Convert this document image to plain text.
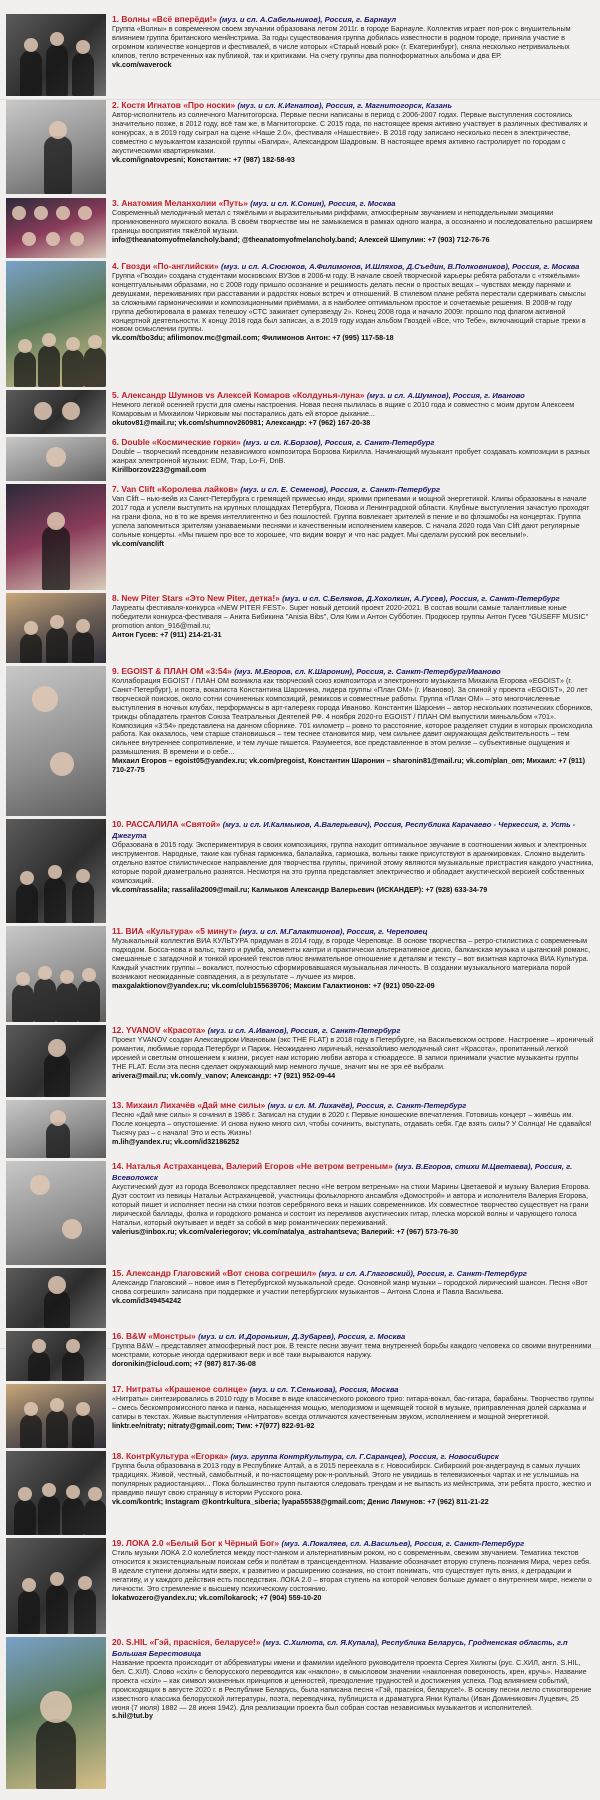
1. Волны «Всё вперёди!» (муз. и сл. А.Сабельников), Россия, г. Барнаул
Группа «Волны» в современном своем звучании образована летом 2011г. в городе Барнауле. Коллектив играет поп-рок с внушительным влиянием группа британского менйнстрима. За годы существования группа добилась известности в родном городе, приняла участие в огромном количестве концертов и фестивалей, в числе которых «Старый новый рок» (г. Екатеринбург), сняла несколько нетривиальных клипов, тепло встреченных как публикой, так и критиками. На счету группы два полноформатных альбома и два ЕР.
vk.com/waverock
2. Костя Игнатов «Про носки» (муз. и сл. К.Игнатов), Россия, г. Магнитогорск, Казань
Автор-исполнитель из солнечного Магнитогорска. Первые песни написаны в период с 2006-2007 годах. Первые выступления состоялись значительно позже, в 2012 году, всё там же, в Магнитогорске. С 2015 года, по настоящее время активно участвует в различных фестивалях и конкурсах, а в 2019 году сыграл на сцене «Наше 2.0», фестиваля «Нашествие». В 2018 году записано несколько песен в электричестве, совместно с музыкантом казанской группы «Багира», Александром Шадровым. В настоящее время активно гастролирует по городам с акустическими квартирниками.
vk.com/ignatovpesni; Константин: +7 (987) 182-58-93
3. Анатомия Меланхолии «Путь» (муз. и сл. К.Сонин), Россия, г. Москва
Современный мелодичный метал с тяжёлыми и выразительными риффами, атмосферным звучанием и неподдельными эмоциями проникновенного мужского вокала. В своём творчестве мы не замыкаемся в рамках одного жанра, а осознанно и последовательно расширяем границы восприятия тяжёлой музыки.
info@theanatomyofmelancholy.band; @theanatomyofmelancholy.band; Алексей Шипулин: +7 (903) 712-76-76
4. Гвозди «По-английски» (муз. и сл. А.Сюсюков, А.Филимонов, И.Шляхов, Д.Съедин, В.Полковников), Россия, г. Москва
Группа «Гвозди» создана студентами московских ВУЗов в 2006-м году. В начале своей творческой карьеры ребята работали с «тяжёлыми» концептуальными образами, но с 2008 году пришло осознание и решимость делать песни о простых вещах – чувствах между парнями и девушками, переживаниях при расставании и радостях новых встреч и отношений. В стилевом плане ребята перестали сдерживать смыслы за сложными гармоническими и композиционными приёмами, а в наиболее оптимальном простое и сочетаемые решения. В 2008-м году группа дебютировала в рамках телешоу «СТС зажигает суперзвезду 2». Конец 2008 года и начало 2009г. прошло под флагом активной концертной деятельности. К концу 2018 года был записан, а в 2019 году издан альбом Гвоздей «Все, что Тебе», включающий старые треки в новом осмыслении группы.
vk.com/tbo3du; afilimonov.mc@gmail.com; Филимонов Антон: +7 (995) 117-58-18
5. Александр Шумнов vs Алексей Комаров «Колдунья-луна» (муз. и сл. А.Шумнов), Россия, г. Иваново
Немного легкой осенней грусти для смены настроения. Новая песня пылилась в ящике с 2010 года и совместно с моим другом Алексеем Комаровым и Михаилом Чирковым мы постарались дать ей второе дыхание...
okutov81@mail.ru; vk.com/shumnov260981; Александр: +7 (962) 167-20-38
6. Double «Космические горки» (муз. и сл. К.Борзов), Россия, г. Санкт-Петербург
Double – творческий псевдоним независимого композитора Борзова Кирилла. Начинающий музыкант пробует создавать композиции в разных жанрах электронной музыки: EDM, Trap, Lo-Fi, DnB.
Kirillborzov223@gmail.com
7. Van Clift «Королева лайков» (муз. и сл. Е. Семенов), Россия, г. Санкт-Петербург
Van Clift – нью-вейв из Санкт-Петербурга с гремящей примесью инди, яркими припевами и мощной энергетикой. Клипы образованы в начале 2017 года и успели выступить на крупных площадках Петербурга, Пскова и Ленинградской области. Клубные выступления зачастую проходят на грани фола, но в то же время интеллигентно и без пошлостей. Группа вовлекает зрителей в пение и во флэшмобы на концертах. Группа успела запомниться зрителям узнаваемыми песнями и качественным исполнением каверов. С начала 2020 года Van Clift дают регулярные сольные концерты. «Мы пишем про все то хорошее, что видим вокруг и что нас радует. Мы сделали русский рок веселым!».
vk.com/vanclift
8. New Piter Stars «Это New Piter, детка!» (муз. и сл. С.Беляков, Д.Хохолкин, А.Гусев), Россия, г. Санкт-Петербург
Лауреаты фестиваля-конкурса «NEW PITER FEST». Super новый детский проект 2020-2021. В состав вошли самые талантливые юные победители конкурса-фестиваля – Анита Бибикина "Anisia Bibs", Оля Ким и Антон Субботин. Продюсер группы Антон Гусев "GUSEFF MUSIC" promotion anton_916@mail.ru;
Антон Гусев: +7 (911) 214-21-31
9. EGOIST & ПЛАН ОМ «3:54» (муз. М.Егоров, сл. К.Шаронин), Россия, г. Санкт-Петербург/Иваново
Коллаборация EGOIST / ПЛАН ОМ возникла как творческий союз композитора и электронного музыканта Михаила Егорова «EGOIST» (г. Санкт-Петербург), и поэта, вокалиста Константина Шаронина, лидера группы «План ОМ» (г. Иваново). За спиной у проекта «EGOIST», 20 лет творческой поисков, около сотни сочиненных композиций, ремиксов и совместные работы. Группа «План ОМ» – это многочисленные выступления в ночных клубах, перформансы в арт-галереях города Иваново. Константин Шаронин – автор нескольких поэтических сборников, трижды обладатель грантов Союза Театральных Деятелей РФ. 4 ноября 2020-го EGOIST / ПЛАН ОМ выпустили миньальбом «701». Композиция «3:54» представлена на данном сборнике. 701 километр – ровно то расстояние, которое разделяет студии в которых происходила работа. Как оказалось, чем старше становишься – тем теснее становится мир, чем сильнее давит окружающая действительность – тем сильнее внутреннее сопротивление, и тем лучше пишется. Разумеется, все представленное в этом релизе – субъективные ощущения и размышления. В времени и о себе...
Михаил Егоров – egoist05@yandex.ru; vk.com/pregoist, Константин Шаронин – sharonin81@mail.ru; vk.com/plan_om; Михаил: +7 (911) 710-27-75
10. РАССАЛИЛА «Святой» (муз. и сл. И.Калмыков, А.Валерьевич), Россия, Республика Карачаево - Черкессия, г. Усть - Джегута
Образована в 2015 году. Экспериментируя в своих композициях, группа находит оптимальное звучание в соотношении живых и электронных инструментов. Народные, такие как губная гармоника, балалайка, гармошка, вольны также присутствуют в аранжировках. Сложно выделить отдельно взятое стилистическое направление для творчества группы, причиной этому являются музыкальные пристрастия каждого участника, которые порой диаметрально разнятся. Несмотря на это группа представляет электричество и обладает акустической версией собственных композиций.
vk.com/rassalila; rassalila2009@mail.ru; Калмыков Александр Валерьевич (ИСКАНДЕР): +7 (928) 633-34-79
11. ВИА «Культура» «5 минут» (муз. и сл. М.Галактионов), Россия, г. Череповец
Музыкальный коллектив ВИА КУЛЬТУРА придуман в 2014 году, в городе Череповце. В основе творчества – ретро-стилистика с современным подходом. Босса-нова и вальс, танго и румба, элементы кантри и практически альтернативное диско, балканская музыка и цыганский романс, смешанные с загадочной и тонкой иронией текстов плюс внимательное отношение к деталям и тексту – вот визитная карточка ВИА Культура. Каждый участник группы – вокалист, полностью сформировавшаяся музыкальная личность. В создании музыкального материала порой возникают неожиданные совпадения, а в результате – лучшее из миров.
maxgalaktionov@yandex.ru; vk.com/club155639706; Максим Галактионов: +7 (921) 050-22-09
12. YVANOV «Красота» (муз. и сл. А.Иванов), Россия, г. Санкт-Петербург
Проект YVANOV создан Александром Ивановым (экс THE FLAT) в 2018 году в Петербурге, на Васильевском острове. Настроение – ироничный романтик, любимые города Петербург и Париж. Неожиданно лиричный, неназойливо мелодичный синт «Красота», пропитанный легкой иронией и светлым отношением к жизни, рисует нам историю любви автора к стюардессе. В записи принимали участие музыканты группы THE FLAT. Если эта песня сделает окружающий мир немного лучше, значит мы не зря её выбрали.
arivera@mail.ru; vk.com/y_vanov; Александр: +7 (921) 952-09-44
13. Михаил Лихачёв «Дай мне силы» (муз. и сл. М. Лихачёв), Россия, г. Санкт-Петербург
Песню «Дай мне силы» я сочинил в 1986 г. Записал на студии в 2020 г. Первые юношеские впечатления. Готовишь концерт – живёшь им. После концерта – опустошение. И снова нужно много сил, чтобы сочинить, выступать, отдавать себя. Где взять силы? У Солнца! Не сдавайся! Тысячу раз – с начала! Это и есть Жизнь!
m.lih@yandex.ru; vk.com/id32186252
14. Наталья Астраханцева, Валерий Егоров «Не ветром ветреным» (муз. В.Егоров, стихи М.Цветаева), Россия, г. Всеволожск
Акустический дуэт из города Всеволожск представляет песню «Не ветром ветреным» на стихи Марины Цветаевой и музыку Валерия Егорова. Дуэт состоит из певицы Натальи Астраханцевой, участницы фольклорного ансамбля «Домострой» и автора и исполнителя Валерия Егорова, который пишет и исполняет песни на стихи поэтов серебряного века и наших современников. Их совместное творчество существует на грани лирической баллады, фолка и городского романса и состоит из переливов акустических гитар, плеска морской волны и чарующего голоса Натальи, который окутывает и ведёт за собой в мир романтических переживаний.
valerius@inbox.ru; vk.com/valeriegorov; vk.com/natalya_astrahantseva; Валерий: +7 (967) 573-76-30
15. Александр Глаговский «Вот снова согрешил» (муз. и сл. А.Глаговский), Россия, г. Санкт-Петербург
Александр Глаговский – новое имя в Петербургской музыкальной среде. Основной жанр музыки – городской лирический шансон. Песня «Вот снова согрешил» записана при поддержке и участии петербургских музыкантов – Антона Слона и Павла Васильева.
vk.com/id349454242
16. B&W «Монстры» (муз. и сл. И.Доронькин, Д.Зубарев), Россия, г. Москва
Группа B&W – представляет атмосферный пост рок. В тексте песни звучит тема внутренней борьбы каждого человека со своими внутренними монстрами, которые иногда одерживают верх и всё таки вырываются наружу.
doronikin@icloud.com; +7 (987) 817-36-08
17. Нитраты «Крашеное солнце» (муз. и сл. Т.Сенькова), Россия, Москва
«Нитраты» синтезировались в 2010 году в Москве в виде классического рокового трио: гитара-вокал, бас-гитара, барабаны. Творчество группы – смесь бескомпромиссного панка и панка, насыщенная мощью, мелодизмом и щемящей тоской в музыке, приправленная долей сарказма и сатиры в текстах. Живые выступления «Нитратов» всегда отличаются качественным звуком, исполнением и мощной энергетикой.
linktr.ee/nitraty; nitraty@gmail.com; Тим: +7(977) 822-91-92
18. КонтрКультура «Егорка» (муз. группа КонтрКультура, сл. Г.Саранцев), Россия, г. Новосибирск
Группа была образована в 2013 году в Республике Алтай, а в 2015 переехала в г. Новосибирск. Сибирский рок-андеграунд в самых лучших традициях. Живой, честный, самобытный, и по-настоящему рок-н-ролльный. Этого не увидишь в телевизионных чартах и не услышишь на популярных радиостанциях... Пока большинство групп пытаются следовать трендам и не выпасть из мейнстрима, эти ребята просто, жестко и правдиво пишут свою страницу в истории Русского рока.
vk.com/kontrk; Instagram @kontrkultura_siberia; lyapa55538@gmail.com; Денис Лямунов: +7 (962) 811-21-22
19. ЛОКА 2.0 «Белый Бог к Чёрный Бог» (муз. А.Покаляев, сл. А.Васильев), Россия, г. Санкт-Петербург
Стиль музыки ЛОКА 2.0 колеблется между пост-панком и альтернативным роком, но с современным, свежим звучанием. Тематика текстов относится к экзистенциальным поискам себя и полётам в трансцендентном. Название обозначает вторую ступень познания Мира, через себя. В идеале ступени должны идти вверх, к развитию и расширению сознания, но стоит понимать, что существует путь вниз, к деградации и негативу, и у каждого действия есть последствия. ЛОКА 2.0 – вторая ступень на которой человек больше думает о внутреннем мире, нежели о личности. Это стремление к высшему психическому состоянию.
lokatwozero@yandex.ru; vk.com/lokarock; +7 (904) 559-10-20
20. S.HIL «Гэй, прасніся, беларусе!» (муз. С.Хилюта, сл. Я.Купала), Республика Беларусь, Гродненская область, г.п Большая Берестовица
Название проекта происходит от аббревиатуры имени и фамилии идейного руководителя проекта Сергея Хилюты (рус. С.ХИЛ, англ. S.HIL, бел. С.ХІЛ). Слово «схіл» с белорусского переводится как «наклон», в смысловом значении «наклонная поверхность, крен, кручь». Название проекта «схіл» – как символ жизненных принципов и ценностей, преодоление трудностей и достижения успеха. Под влиянием событий, происходящих в августе 2020 г. в Республике Беларусь, была написана песня «Гэй, прасніся, беларусе!». В основу песни легло стихотворение известного классика белорусской литературы, поэта, переводчика, публициста и драматурга Янки Купалы (Иван Доминикович Луцевич, 25 июня (7 июля) 1882 — 28 июня 1942). Для реализации проекта был собран состав независимых музыкантов и исполнителей.
s.hil@tut.by
